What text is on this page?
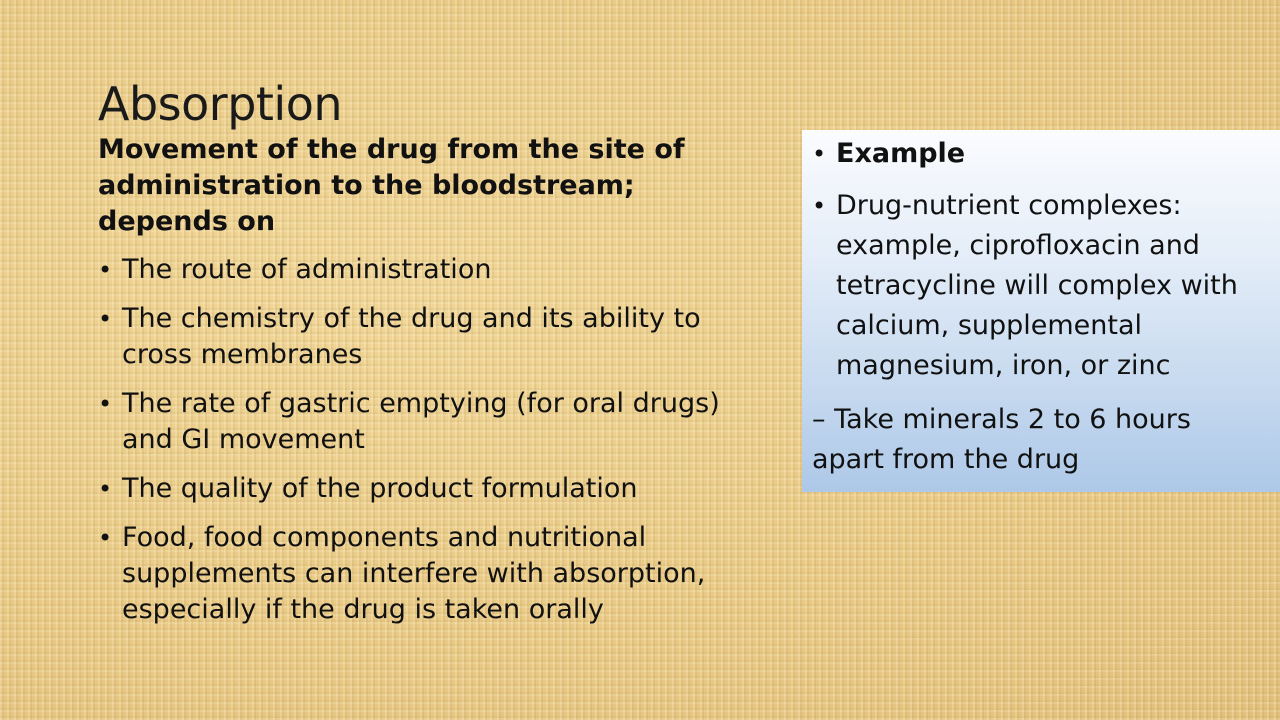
Absorption
Movement of the drug from the site of administration to the bloodstream; depends on
• The route of administration
• The chemistry of the drug and its ability to cross membranes
• The rate of gastric emptying (for oral drugs) and GI movement
• The quality of the product formulation
• Food, food components and nutritional supplements can interfere with absorption, especially if the drug is taken orally
• Example
• Drug-nutrient complexes: example, ciprofloxacin and tetracycline will complex with calcium, supplemental magnesium, iron, or zinc
– Take minerals 2 to 6 hours apart from the drug
